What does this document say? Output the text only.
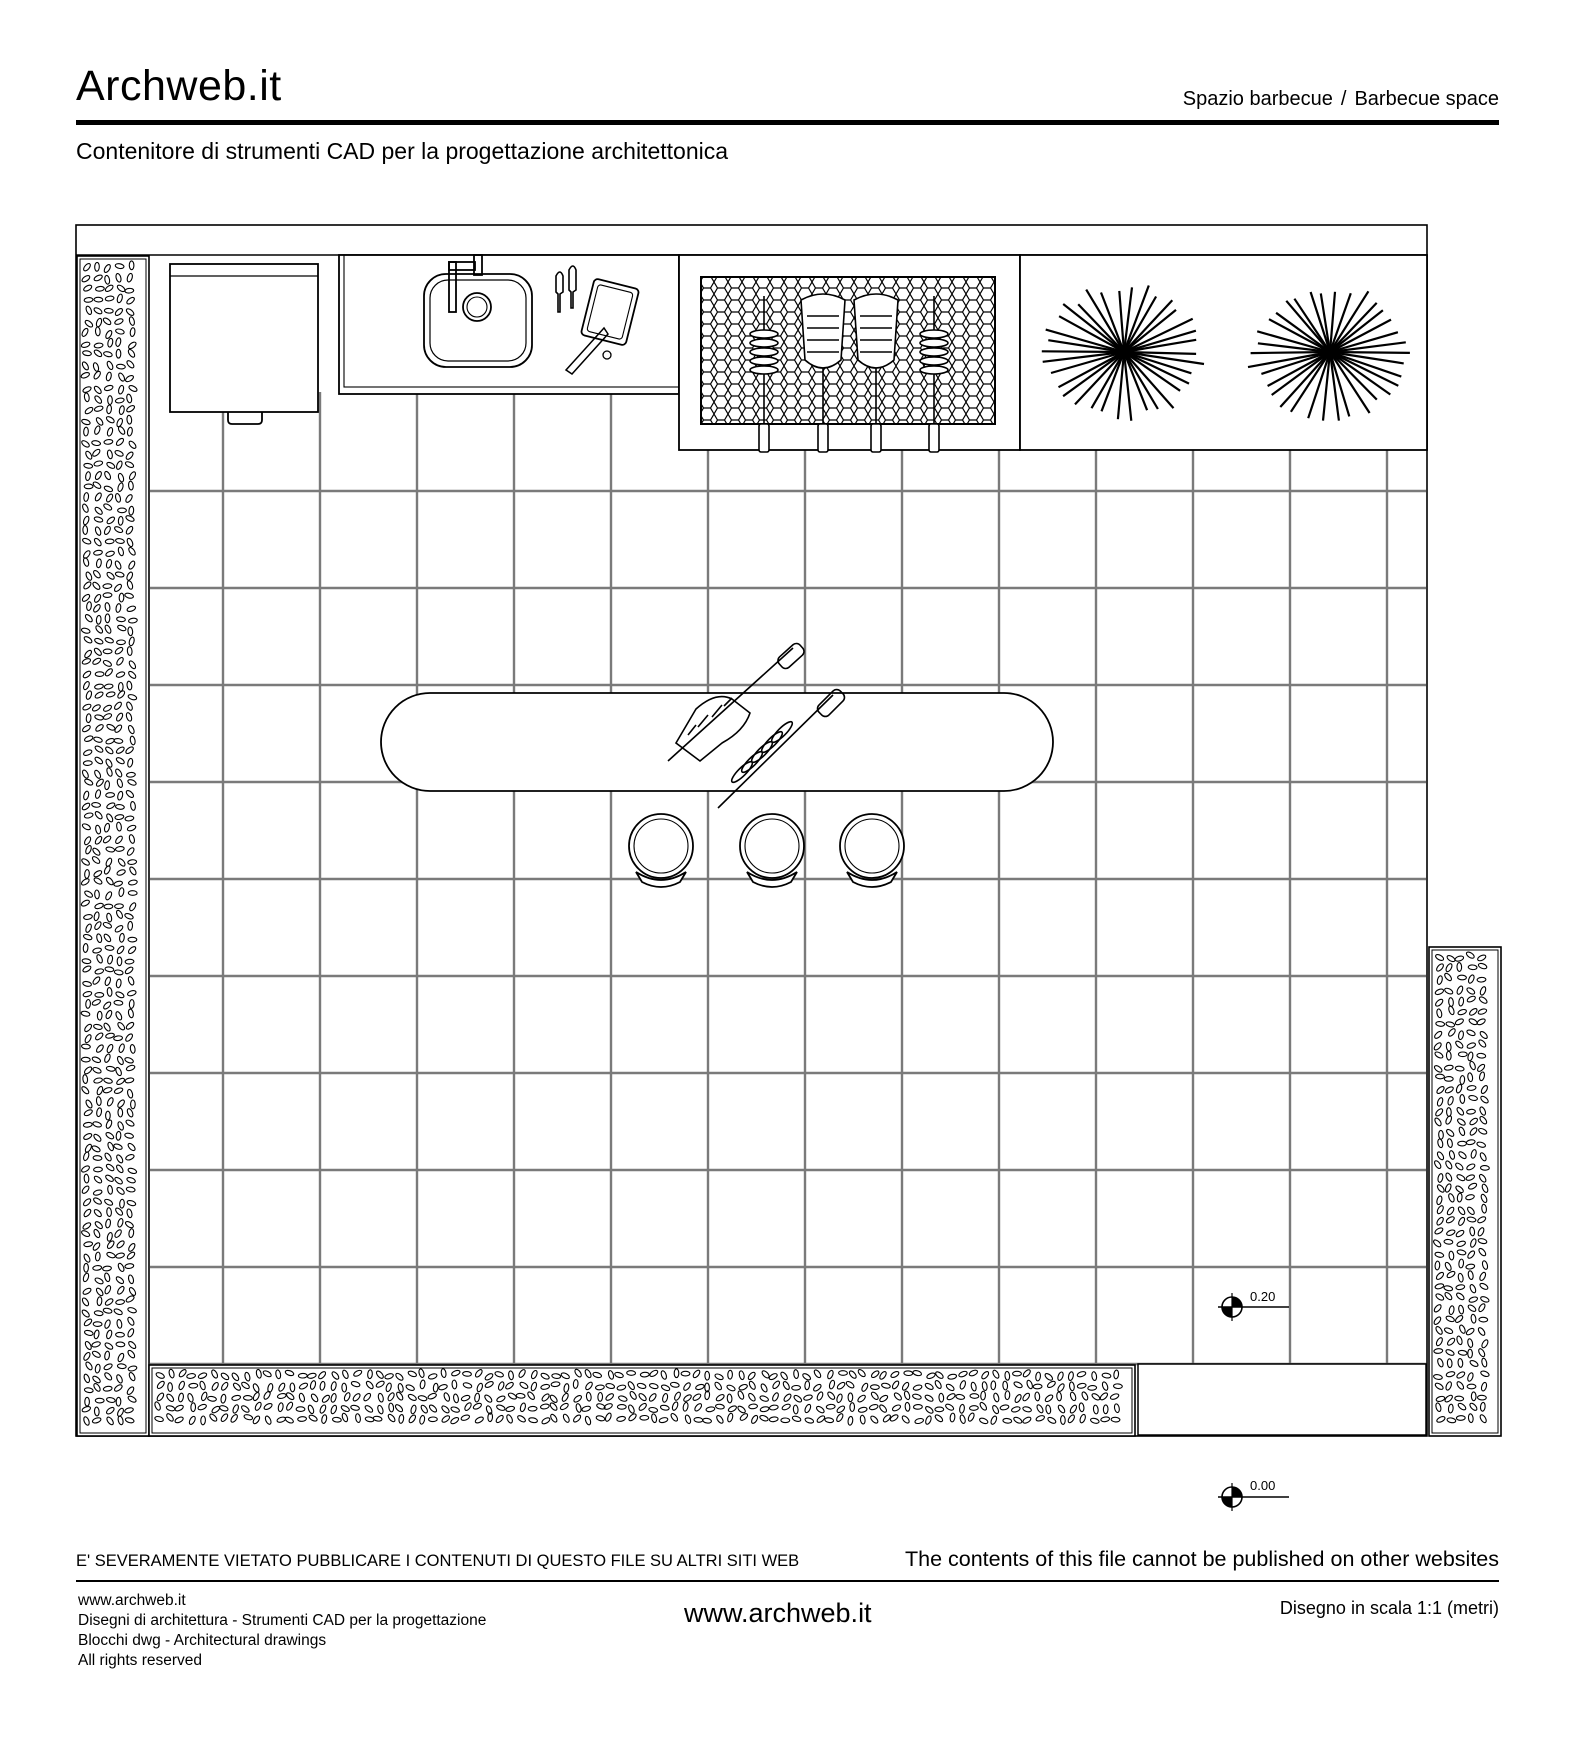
Archweb.it	Spazio barbecue / Barbecue space
Contenitore di strumenti CAD per la progettazione architettonica
0.20
0.00
E' SEVERAMENTE VIETATO PUBBLICARE I CONTENUTI DI QUESTO FILE SU ALTRI SITI WEB	The contents of this file cannot be published on other websites
www.archweb.it
Disegni di architettura - Strumenti CAD per la progettazione
Blocchi dwg - Architectural drawings
All rights reserved
www.archweb.it	Disegno in scala 1:1 (metri)
